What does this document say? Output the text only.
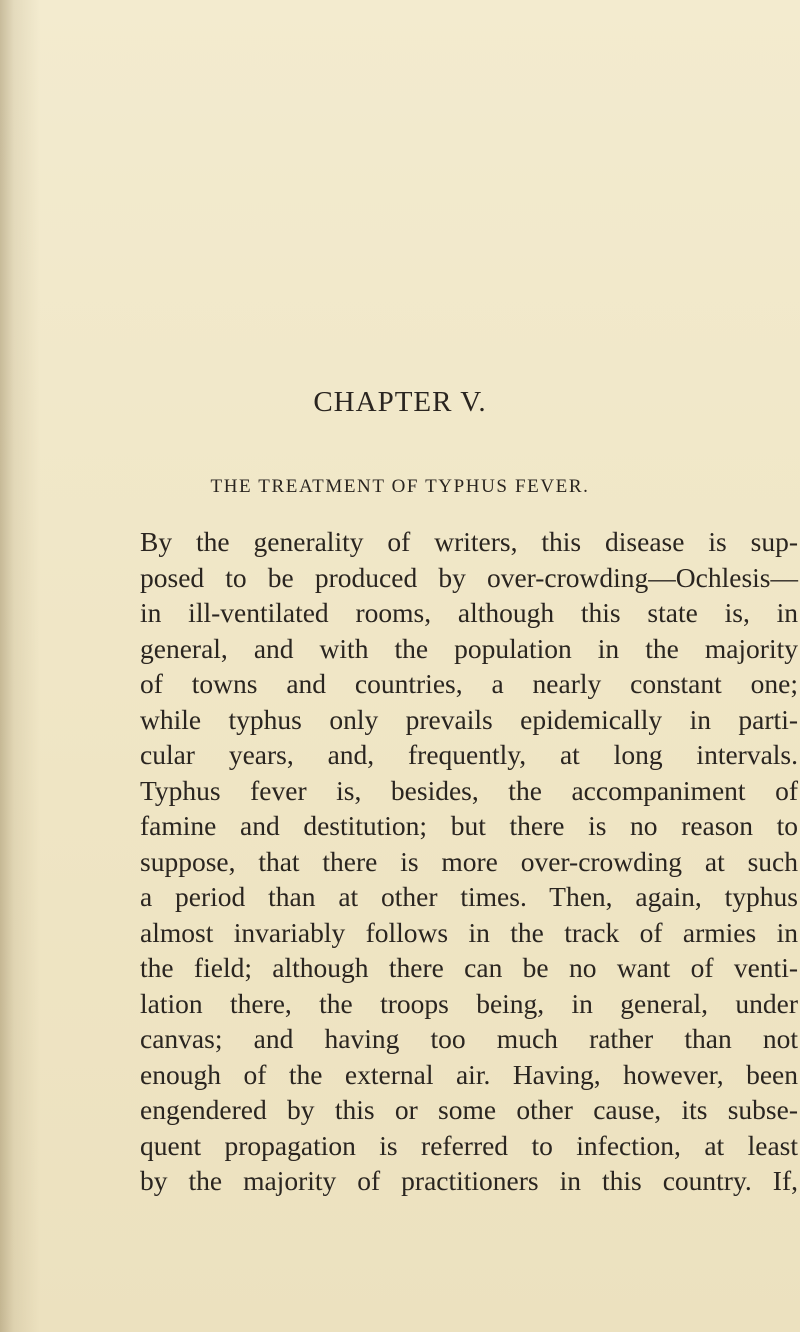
CHAPTER V.
THE TREATMENT OF TYPHUS FEVER.
By the generality of writers, this disease is sup-
posed to be produced by over-crowding—Ochlesis—
in ill-ventilated rooms, although this state is, in
general, and with the population in the majority
of towns and countries, a nearly constant one;
while typhus only prevails epidemically in parti-
cular years, and, frequently, at long intervals.
Typhus fever is, besides, the accompaniment of
famine and destitution; but there is no reason to
suppose, that there is more over-crowding at such
a period than at other times. Then, again, typhus
almost invariably follows in the track of armies in
the field; although there can be no want of venti-
lation there, the troops being, in general, under
canvas; and having too much rather than not
enough of the external air. Having, however, been
engendered by this or some other cause, its subse-
quent propagation is referred to infection, at least
by the majority of practitioners in this country. If,
